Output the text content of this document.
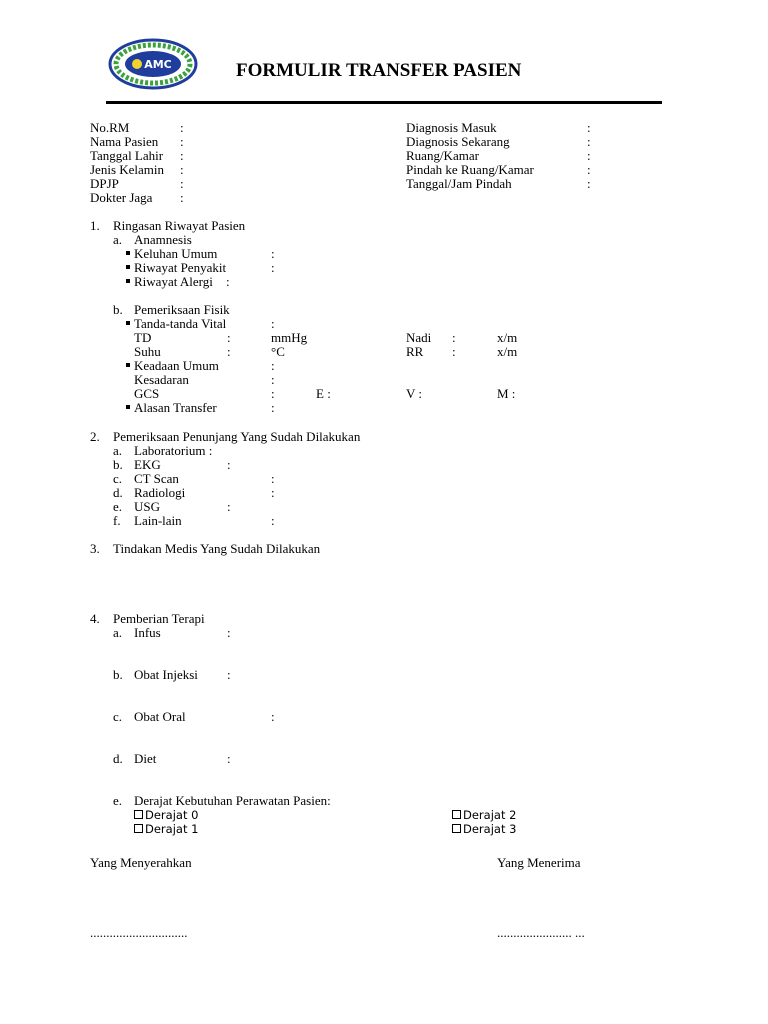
AMC	FORMULIR TRANSFER PASIEN
No.RM	:
Nama Pasien :
Tanggal Lahir :
Jenis Kelamin :
DPJP	:
Dokter Jaga :
Diagnosis Masuk	:
Diagnosis Sekarang	:
Ruang/Kamar	:
Pindah ke Ruang/Kamar	:
Tanggal/Jam Pindah	:
1. Ringasan Riwayat Pasien
a. Anamnesis
Keluhan Umum	:
Riwayat Penyakit	:
Riwayat Alergi :
b. Pemeriksaan Fisik
Tanda-tanda Vital	:
TD	:	mmHg	Nadi :	x/m
Suhu	:	°C	RR :	x/m
Keadaan Umum	:
Kesadaran	:
GCS	:	E :	V :	M :
Alasan Transfer	:
2. Pemeriksaan Penunjang Yang Sudah Dilakukan
a. Laboratorium :
b. EKG	:
c. CT Scan	:
d. Radiologi	:
e. USG	:
f. Lain-lain	:
3. Tindakan Medis Yang Sudah Dilakukan
4. Pemberian Terapi
a. Infus	:
b. Obat Injeksi :
c. Obat Oral	:
d. Diet	:
e. Derajat Kebutuhan Perawatan Pasien:
Derajat 0	Derajat 2
Derajat 1	Derajat 3
Yang Menyerahkan	Yang Menerima
..............................	....................... ...
